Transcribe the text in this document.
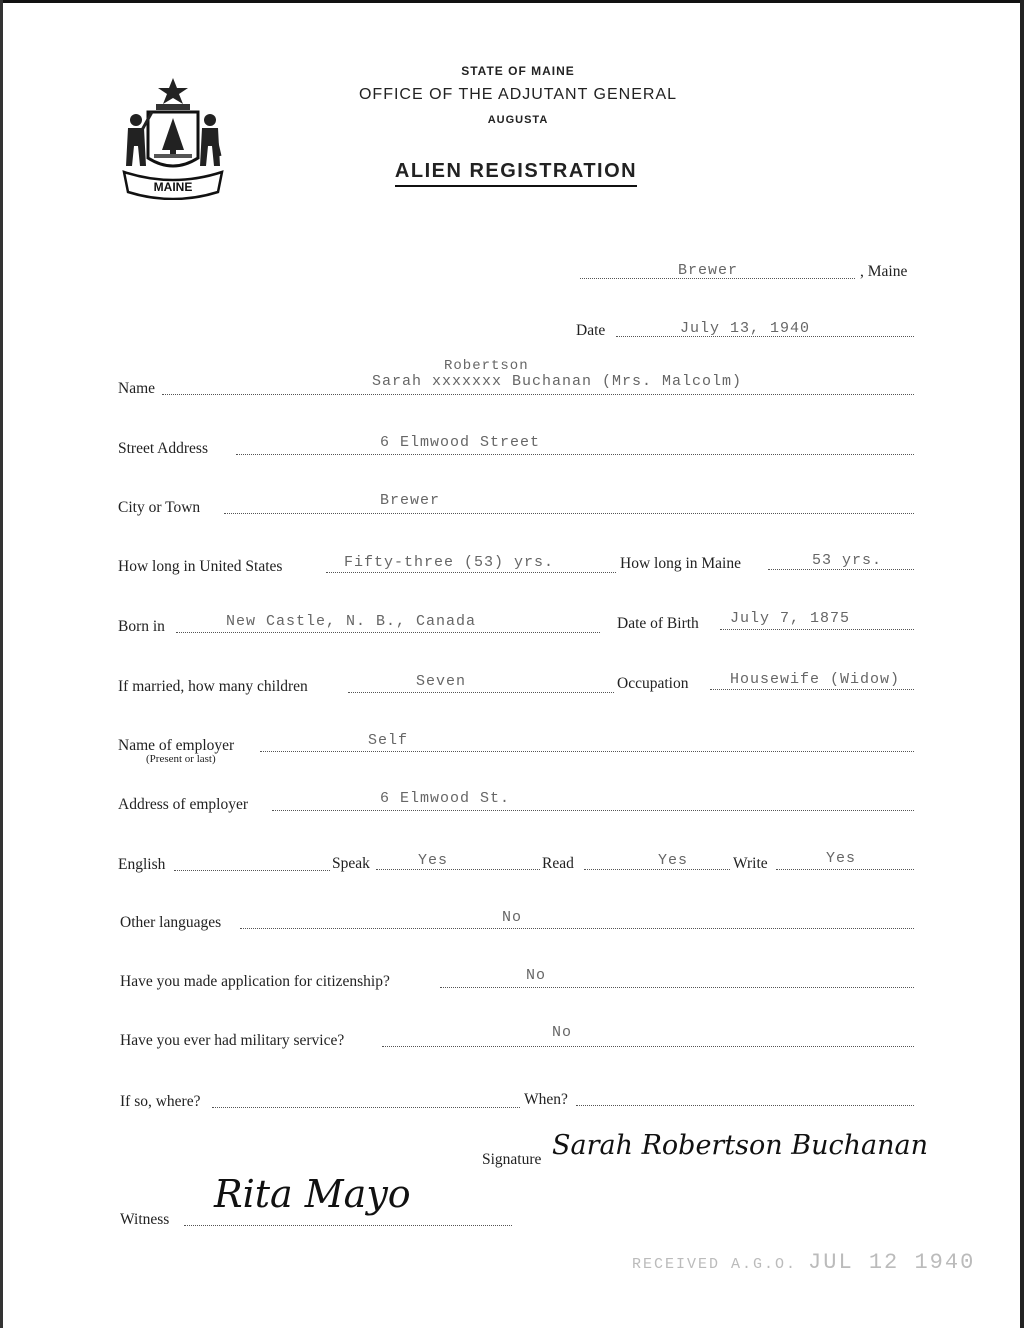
MAINE
STATE OF MAINE
OFFICE OF THE ADJUTANT GENERAL
AUGUSTA
ALIEN REGISTRATION
Brewer	, Maine
Date	July 13, 1940
Name
Robertson
Sarah xxxxxxx Buchanan (Mrs. Malcolm)
Street Address	6 Elmwood Street
City or Town	Brewer
How long in United States	Fifty-three (53) yrs.	How long in Maine	53 yrs.
Born in	New Castle, N. B., Canada	Date of Birth July 7, 1875
If married, how many children	Seven	Occupation	Housewife (Widow)
Name of employer
(Present or last)
Self
Address of employer	6 Elmwood St.
English	Speak	Yes	Read	Yes	Write	Yes
Other languages	No
Have you made application for citizenship?	No
Have you ever had military service?	No
If so, where?	When?
Signature Sarah Robertson Buchanan
Witness
Rita Mayo
RECEIVED A.G.O. JUL 12 1940
